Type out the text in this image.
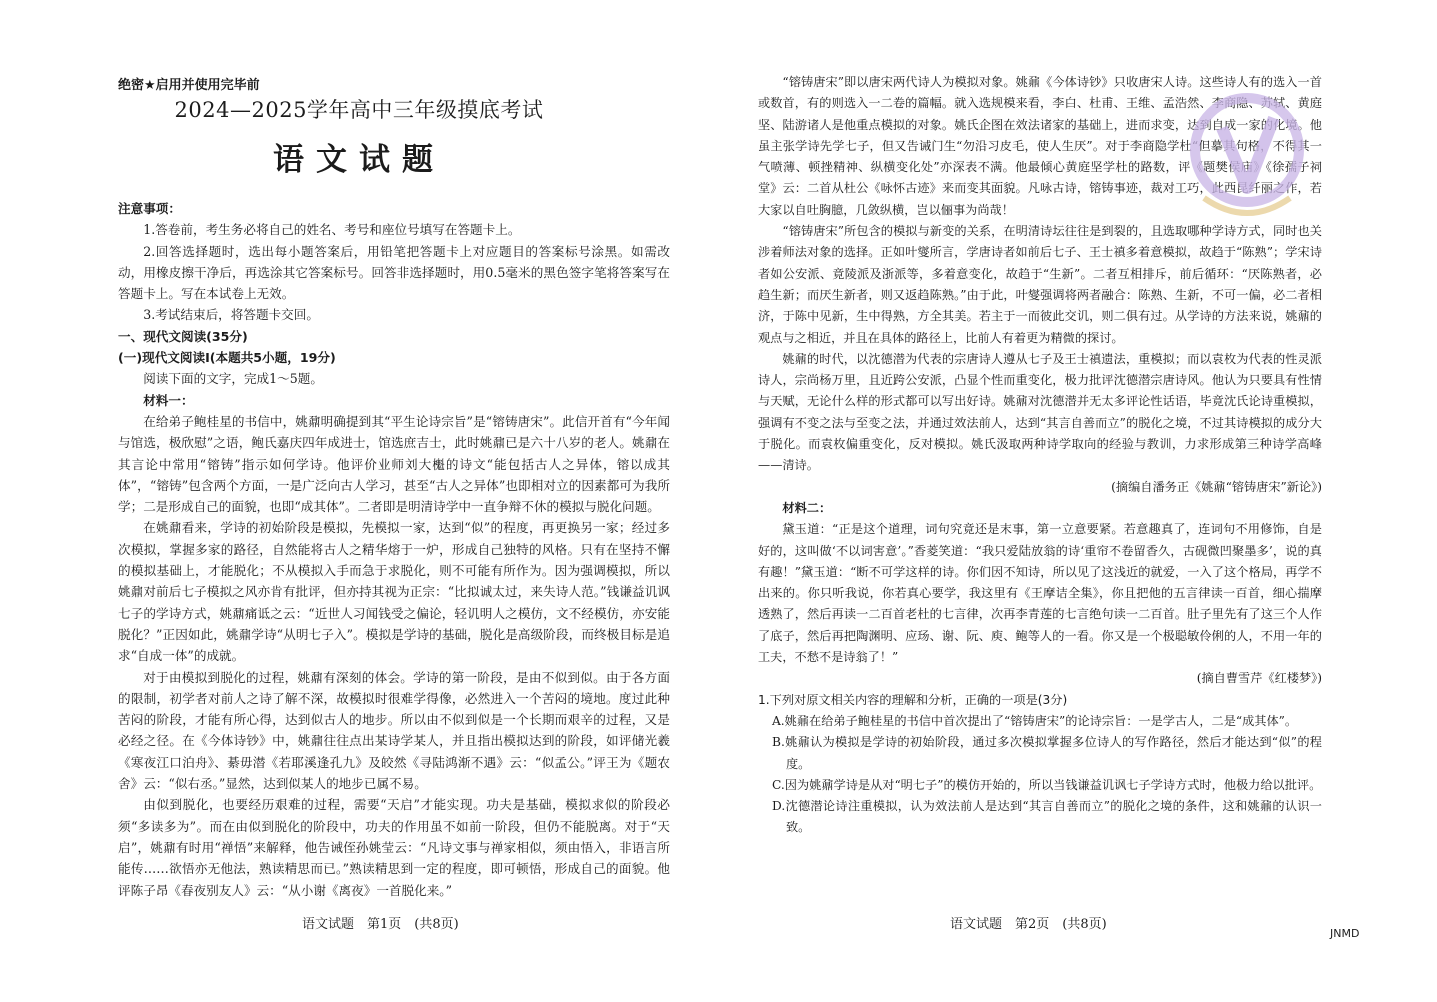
绝密★启用并使用完毕前
2024—2025学年高中三年级摸底考试
语文试题

注意事项：

1.答卷前，考生务必将自己的姓名、考号和座位号填写在答题卡上。

2.回答选择题时，选出每小题答案后，用铅笔把答题卡上对应题目的答案标号涂黑。如需改动，用橡皮擦干净后，再选涂其它答案标号。回答非选择题时，用0.5毫米的黑色签字笔将答案写在答题卡上。写在本试卷上无效。

3.考试结束后，将答题卡交回。

一、现代文阅读(35分)

(一)现代文阅读Ⅰ(本题共5小题，19分)

阅读下面的文字，完成1～5题。

材料一：

在给弟子鲍桂星的书信中，姚鼐明确提到其“平生论诗宗旨”是“镕铸唐宋”。此信开首有“今年闻与馆选，极欣慰”之语，鲍氏嘉庆四年成进士，馆选庶吉士，此时姚鼐已是六十八岁的老人。姚鼐在其言论中常用“镕铸”指示如何学诗。他评价业师刘大櫆的诗文“能包括古人之异体，镕以成其体”，“镕铸”包含两个方面，一是广泛向古人学习，甚至“古人之异体”也即相对立的因素都可为我所学；二是形成自己的面貌，也即“成其体”。二者即是明清诗学中一直争辩不休的模拟与脱化问题。

在姚鼐看来，学诗的初始阶段是模拟，先模拟一家，达到“似”的程度，再更换另一家；经过多次模拟，掌握多家的路径，自然能将古人之精华熔于一炉，形成自己独特的风格。只有在坚持不懈的模拟基础上，才能脱化；不从模拟入手而急于求脱化，则不可能有所作为。因为强调模拟，所以姚鼐对前后七子模拟之风亦肯有批评，但亦持其视为正宗：“比拟诚太过，来失诗人范。”钱谦益讥讽七子的学诗方式，姚鼐痛诋之云：“近世人习闻钱受之偏论，轻讥明人之模仿，文不经模仿，亦安能脱化？”正因如此，姚鼐学诗“从明七子入”。模拟是学诗的基础，脱化是高级阶段，而终极目标是追求“自成一体”的成就。

对于由模拟到脱化的过程，姚鼐有深刻的体会。学诗的第一阶段，是由不似到似。由于各方面的限制，初学者对前人之诗了解不深，故模拟时很难学得像，必然进入一个苦闷的境地。度过此种苦闷的阶段，才能有所心得，达到似古人的地步。所以由不似到似是一个长期而艰辛的过程，又是必经之径。在《今体诗钞》中，姚鼐往往点出某诗学某人，并且指出模拟达到的阶段，如评储光羲《寒夜江口泊舟》、綦毋潜《若耶溪逢孔九》及皎然《寻陆鸿渐不遇》云：“似孟公。”评王为《题农舍》云：“似右丞。”显然，达到似某人的地步已属不易。

由似到脱化，也要经历艰难的过程，需要“天启”才能实现。功夫是基础，模拟求似的阶段必须“多读多为”。而在由似到脱化的阶段中，功夫的作用虽不如前一阶段，但仍不能脱离。对于“天启”，姚鼐有时用“禅悟”来解释，他告诫侄孙姚莹云：“凡诗文事与禅家相似，须由悟入，非语言所能传……欲悟亦无他法，熟读精思而已。”熟读精思到一定的程度，即可顿悟，形成自己的面貌。他评陈子昂《春夜别友人》云：“从小谢《离夜》一首脱化来。”

语文试题　第1页　(共8页)

“镕铸唐宋”即以唐宋两代诗人为模拟对象。姚鼐《今体诗钞》只收唐宋人诗。这些诗人有的选入一首或数首，有的则选入一二卷的篇幅。就入选规模来看，李白、杜甫、王维、孟浩然、李商隐、苏轼、黄庭坚、陆游诸人是他重点模拟的对象。姚氏企图在效法诸家的基础上，进而求变，达到自成一家的化境。他虽主张学诗先学七子，但又告诫门生“勿沿习皮毛，使人生厌”。对于李商隐学杜“但摹其句格，不得其一气喷薄、顿挫精神、纵横变化处”亦深表不满。他最倾心黄庭坚学杜的路数，评《题樊侯庙》《徐孺子祠堂》云：二首从杜公《咏怀古迹》来而变其面貌。凡咏古诗，镕铸事迹，裁对工巧，此西昆纤丽之作，若大家以自吐胸臆，几敛纵横，岂以俪事为尚哉！

“镕铸唐宋”所包含的模拟与新变的关系，在明清诗坛往往是到裂的，且选取哪种学诗方式，同时也关涉着师法对象的选择。正如叶燮所言，学唐诗者如前后七子、王士禛多着意模拟，故趋于“陈熟”；学宋诗者如公安派、竟陵派及浙派等，多着意变化，故趋于“生新”。二者互相排斥，前后循环：“厌陈熟者，必趋生新；而厌生新者，则又返趋陈熟。”由于此，叶燮强调将两者融合：陈熟、生新，不可一偏，必二者相济，于陈中见新，生中得熟，方全其美。若主于一而彼此交讥，则二俱有过。从学诗的方法来说，姚鼐的观点与之相近，并且在具体的路径上，比前人有着更为精微的探讨。

姚鼐的时代，以沈德潜为代表的宗唐诗人遵从七子及王士禛遗法，重模拟；而以袁枚为代表的性灵派诗人，宗尚杨万里，且近跨公安派，凸显个性而重变化，极力批评沈德潜宗唐诗风。他认为只要具有性情与天赋，无论什么样的形式都可以写出好诗。姚鼐对沈德潜并无太多评论性话语，毕竟沈氏论诗重模拟，强调有不变之法与至变之法，并通过效法前人，达到“其言自善而立”的脱化之境，不过其诗模拟的成分大于脱化。而袁枚偏重变化，反对模拟。姚氏汲取两种诗学取向的经验与教训，力求形成第三种诗学高峰——清诗。

(摘编自潘务正《姚鼐“镕铸唐宋”新论》)

材料二：

黛玉道：“正是这个道理，词句究竟还是末事，第一立意要紧。若意趣真了，连词句不用修饰，自是好的，这叫做‘不以词害意’。”香菱笑道：“我只爱陆放翁的诗‘重帘不卷留香久，古砚微凹聚墨多’，说的真有趣！”黛玉道：“断不可学这样的诗。你们因不知诗，所以见了这浅近的就爱，一入了这个格局，再学不出来的。你只听我说，你若真心要学，我这里有《王摩诘全集》，你且把他的五言律读一百首，细心揣摩透熟了，然后再读一二百首老杜的七言律，次再李青莲的七言绝句读一二百首。肚子里先有了这三个人作了底子，然后再把陶渊明、应玚、谢、阮、庾、鲍等人的一看。你又是一个极聪敏伶俐的人，不用一年的工夫，不愁不是诗翁了！”

(摘自曹雪芹《红楼梦》)

1.下列对原文相关内容的理解和分析，正确的一项是(3分)

A.姚鼐在给弟子鲍桂星的书信中首次提出了“镕铸唐宋”的论诗宗旨：一是学古人，二是“成其体”。

B.姚鼐认为模拟是学诗的初始阶段，通过多次模拟掌握多位诗人的写作路径，然后才能达到“似”的程度。

C.因为姚鼐学诗是从对“明七子”的模仿开始的，所以当钱谦益讥讽七子学诗方式时，他极力给以批评。

D.沈德潜论诗注重模拟，认为效法前人是达到“其言自善而立”的脱化之境的条件，这和姚鼐的认识一致。

语文试题　第2页　(共8页)
JNMD
